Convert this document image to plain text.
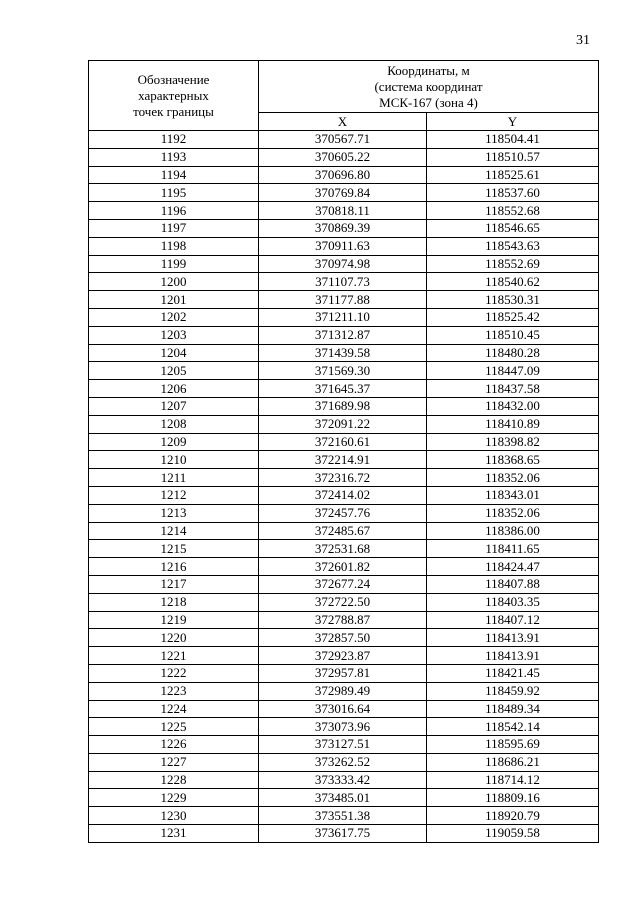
31
Обозначение
характерных
точек границы	Координаты, м
(система координат
МСК-167 (зона 4)	
	X	Y
1192	370567.71	118504.41
1193	370605.22	118510.57
1194	370696.80	118525.61
1195	370769.84	118537.60
1196	370818.11	118552.68
1197	370869.39	118546.65
1198	370911.63	118543.63
1199	370974.98	118552.69
1200	371107.73	118540.62
1201	371177.88	118530.31
1202	371211.10	118525.42
1203	371312.87	118510.45
1204	371439.58	118480.28
1205	371569.30	118447.09
1206	371645.37	118437.58
1207	371689.98	118432.00
1208	372091.22	118410.89
1209	372160.61	118398.82
1210	372214.91	118368.65
1211	372316.72	118352.06
1212	372414.02	118343.01
1213	372457.76	118352.06
1214	372485.67	118386.00
1215	372531.68	118411.65
1216	372601.82	118424.47
1217	372677.24	118407.88
1218	372722.50	118403.35
1219	372788.87	118407.12
1220	372857.50	118413.91
1221	372923.87	118413.91
1222	372957.81	118421.45
1223	372989.49	118459.92
1224	373016.64	118489.34
1225	373073.96	118542.14
1226	373127.51	118595.69
1227	373262.52	118686.21
1228	373333.42	118714.12
1229	373485.01	118809.16
1230	373551.38	118920.79
1231	373617.75	119059.58
